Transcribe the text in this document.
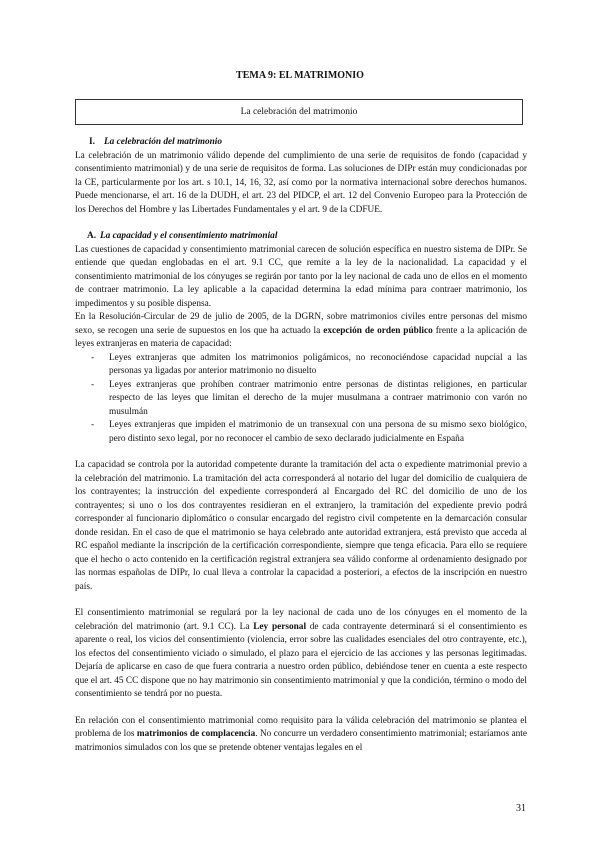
TEMA 9: EL MATRIMONIO
La celebración del matrimonio
I. La celebración del matrimonio

La celebración de un matrimonio válido depende del cumplimiento de una serie de requisitos de fondo (capacidad y consentimiento matrimonial) y de una serie de requisitos de forma. Las soluciones de DIPr están muy condicionadas por la CE, particularmente por los art. s 10.1, 14, 16, 32, así como por la normativa internacional sobre derechos humanos. Puede mencionarse, el art. 16 de la DUDH, el art. 23 del PIDCP, el art. 12 del Convenio Europeo para la Protección de los Derechos del Hombre y las Libertades Fundamentales y el art. 9 de la CDFUE.

A. La capacidad y el consentimiento matrimonial

Las cuestiones de capacidad y consentimiento matrimonial carecen de solución específica en nuestro sistema de DIPr. Se entiende que quedan englobadas en el art. 9.1 CC, que remite a la ley de la nacionalidad. La capacidad y el consentimiento matrimonial de los cónyuges se regirán por tanto por la ley nacional de cada uno de ellos en el momento de contraer matrimonio. La ley aplicable a la capacidad determina la edad mínima para contraer matrimonio, los impedimentos y su posible dispensa.

En la Resolución-Circular de 29 de julio de 2005, de la DGRN, sobre matrimonios civiles entre personas del mismo sexo, se recogen una serie de supuestos en los que ha actuado la excepción de orden público frente a la aplicación de leyes extranjeras en materia de capacidad:

- Leyes extranjeras que admiten los matrimonios poligámicos, no reconociéndose capacidad nupcial a las personas ya ligadas por anterior matrimonio no disuelto
- Leyes extranjeras que prohíben contraer matrimonio entre personas de distintas religiones, en particular respecto de las leyes que limitan el derecho de la mujer musulmana a contraer matrimonio con varón no musulmán
- Leyes extranjeras que impiden el matrimonio de un transexual con una persona de su mismo sexo biológico, pero distinto sexo legal, por no reconocer el cambio de sexo declarado judicialmente en España

La capacidad se controla por la autoridad competente durante la tramitación del acta o expediente matrimonial previo a la celebración del matrimonio. La tramitación del acta corresponderá al notario del lugar del domicilio de cualquiera de los contrayentes; la instrucción del expediente corresponderá al Encargado del RC del domicilio de uno de los contrayentes; si uno o los dos contrayentes residieran en el extranjero, la tramitación del expediente previo podrá corresponder al funcionario diplomático o consular encargado del registro civil competente en la demarcación consular donde residan. En el caso de que el matrimonio se haya celebrado ante autoridad extranjera, está previsto que acceda al RC español mediante la inscripción de la certificación correspondiente, siempre que tenga eficacia. Para ello se requiere que el hecho o acto contenido en la certificación registral extranjera sea válido conforme al ordenamiento designado por las normas españolas de DIPr, lo cual lleva a controlar la capacidad a posteriori, a efectos de la inscripción en nuestro país.

El consentimiento matrimonial se regulará por la ley nacional de cada uno de los cónyuges en el momento de la celebración del matrimonio (art. 9.1 CC). La Ley personal de cada contrayente determinará si el consentimiento es aparente o real, los vicios del consentimiento (violencia, error sobre las cualidades esenciales del otro contrayente, etc.), los efectos del consentimiento viciado o simulado, el plazo para el ejercicio de las acciones y las personas legitimadas. Dejaría de aplicarse en caso de que fuera contraria a nuestro orden público, debiéndose tener en cuenta a este respecto que el art. 45 CC dispone que no hay matrimonio sin consentimiento matrimonial y que la condición, término o modo del consentimiento se tendrá por no puesta.

En relación con el consentimiento matrimonial como requisito para la válida celebración del matrimonio se plantea el problema de los matrimonios de complacencia. No concurre un verdadero consentimiento matrimonial; estaríamos ante matrimonios simulados con los que se pretende obtener ventajas legales en el

31
